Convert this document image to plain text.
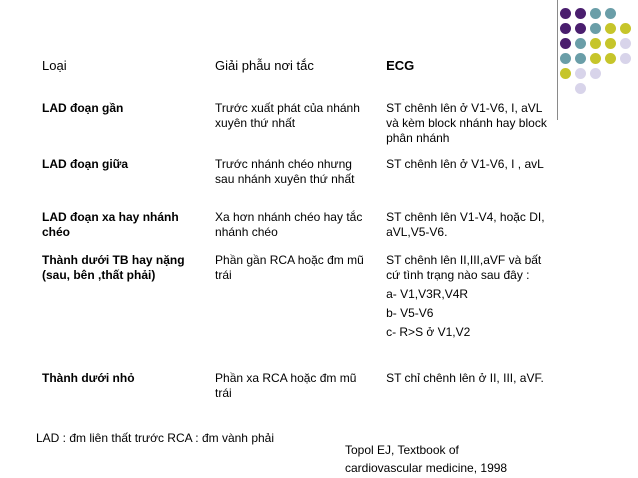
Loại	Giải phẫu nơi tắc	ECG
LAD đoạn gần	Trước xuất phát của nhánh xuyên thứ nhất	ST chênh lên ở V1-V6, I, aVL và kèm block nhánh hay block phân nhánh
LAD đoạn giữa	Trước nhánh chéo nhưng sau nhánh xuyên thứ nhất	ST chênh lên ở V1-V6, I , avL
LAD đoạn xa hay nhánh chéo	Xa hơn nhánh chéo hay tắc nhánh chéo	ST chênh lên V1-V4, hoặc DI, aVL,V5-V6.
Thành dưới TB hay nặng (sau, bên ,thất phải)	Phần gần RCA hoặc đm mũ trái	ST chênh lên II,III,aVF và bất cứ tình trạng nào sau đây :
a- V1,V3R,V4R
b- V5-V6
c- R>S ở V1,V2

Thành dưới nhỏ	Phần xa RCA hoặc đm mũ trái	ST chỉ chênh lên ở II, III, aVF.
LAD : đm liên thất trước RCA : đm vành phải
Topol EJ, Textbook of
cardiovascular medicine, 1998
